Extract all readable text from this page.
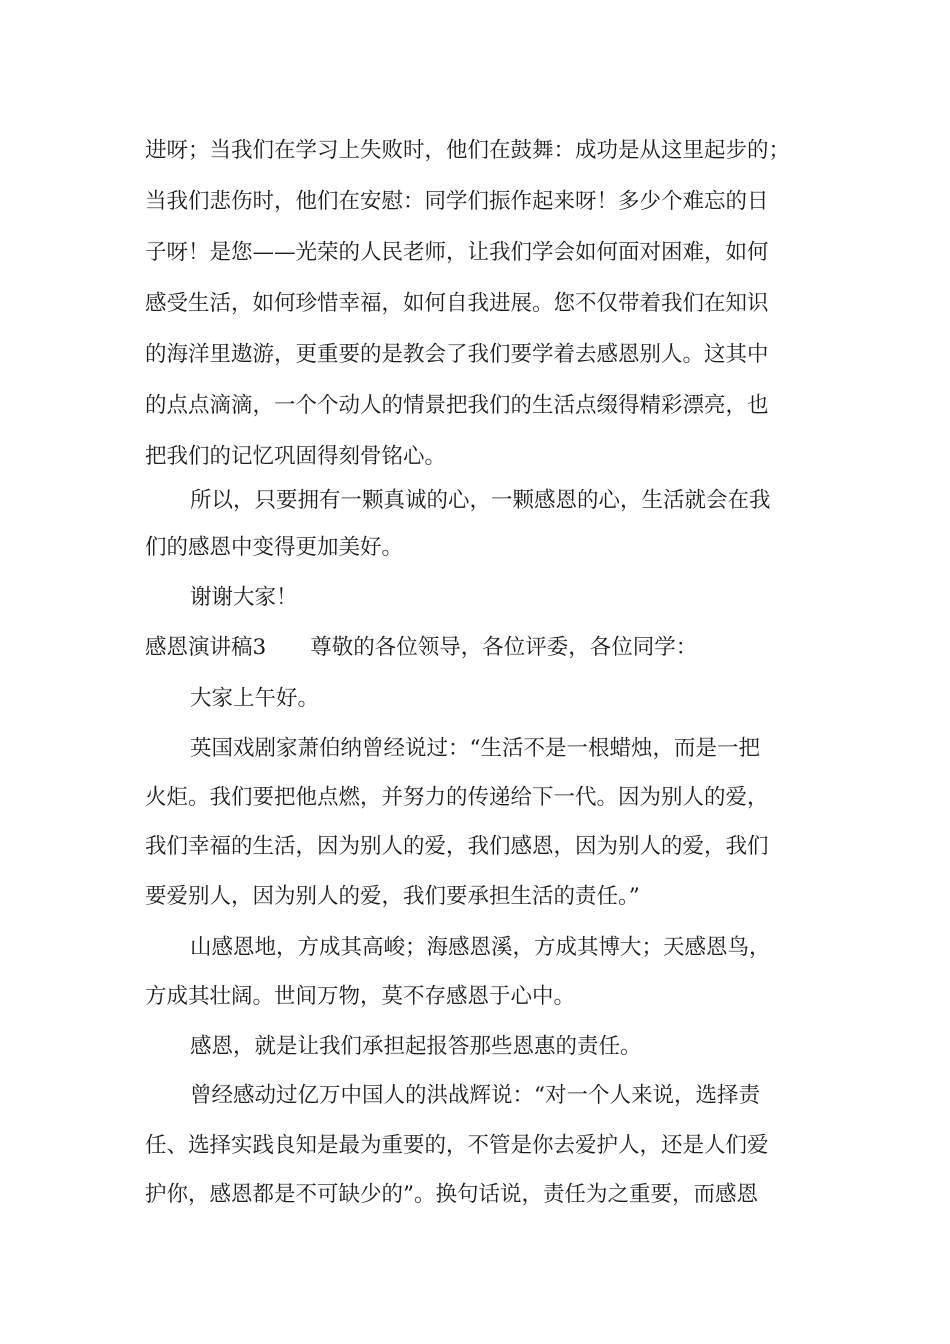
进呀；当我们在学习上失败时，他们在鼓舞：成功是从这里起步的；
当我们悲伤时，他们在安慰：同学们振作起来呀！多少个难忘的日
子呀！是您——光荣的人民老师，让我们学会如何面对困难，如何
感受生活，如何珍惜幸福，如何自我进展。您不仅带着我们在知识
的海洋里遨游，更重要的是教会了我们要学着去感恩别人。这其中
的点点滴滴，一个个动人的情景把我们的生活点缀得精彩漂亮，也
把我们的记忆巩固得刻骨铭心。
所以，只要拥有一颗真诚的心，一颗感恩的心，生活就会在我
们的感恩中变得更加美好。
谢谢大家！
感恩演讲稿3 尊敬的各位领导，各位评委，各位同学：
大家上午好。
英国戏剧家萧伯纳曾经说过：“生活不是一根蜡烛，而是一把
火炬。我们要把他点燃，并努力的传递给下一代。因为别人的爱，
我们幸福的生活，因为别人的爱，我们感恩，因为别人的爱，我们
要爱别人，因为别人的爱，我们要承担生活的责任。”
山感恩地，方成其高峻；海感恩溪，方成其博大；天感恩鸟，
方成其壮阔。世间万物，莫不存感恩于心中。
感恩，就是让我们承担起报答那些恩惠的责任。
曾经感动过亿万中国人的洪战辉说：“对一个人来说，选择责
任、选择实践良知是最为重要的，不管是你去爱护人，还是人们爱
护你，感恩都是不可缺少的”。换句话说，责任为之重要，而感恩
